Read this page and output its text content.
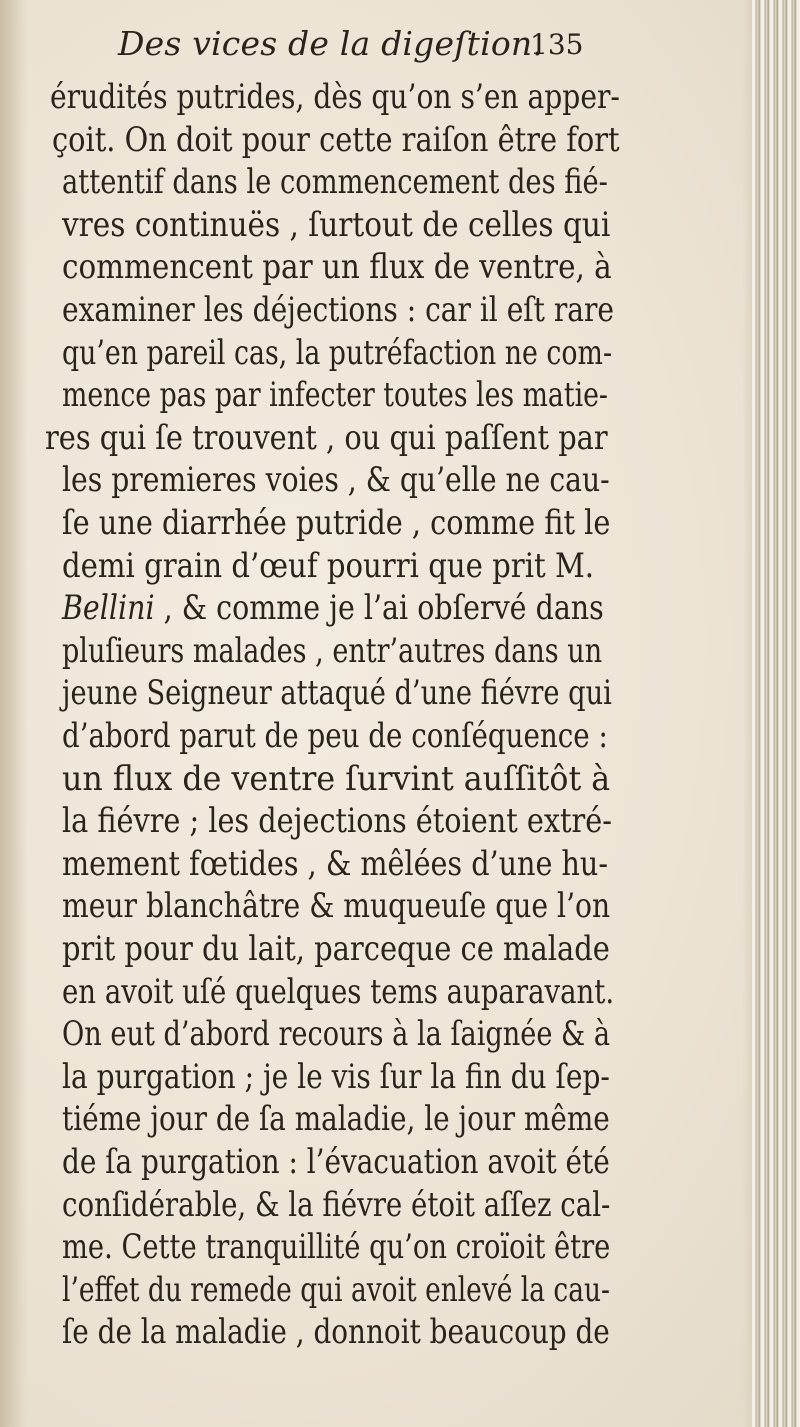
Des vices de la digeſtion.
135
érudités putrides, dès qu’on s’en apper-
çoit. On doit pour cette raiſon être fort
attentif dans le commencement des fié-
vres continuës , ſurtout de celles qui
commencent par un flux de ventre, à
examiner les déjections : car il eſt rare
qu’en pareil cas, la putréfaction ne com-
mence pas par infecter toutes les matie-
res qui ſe trouvent , ou qui paſſent par
les premieres voies , & qu’elle ne cau-
ſe une diarrhée putride , comme fit le
demi grain d’œuf pourri que prit M.
Bellini , & comme je l’ai obſervé dans
pluſieurs malades , entr’autres dans un
jeune Seigneur attaqué d’une fiévre qui
d’abord parut de peu de conſéquence :
un flux de ventre ſurvint auſſitôt à
la fiévre ; les dejections étoient extré-
mement fœtides , & mêlées d’une hu-
meur blanchâtre & muqueuſe que l’on
prit pour du lait, parceque ce malade
en avoit uſé quelques tems auparavant.
On eut d’abord recours à la ſaignée & à
la purgation ; je le vis ſur la fin du ſep-
tiéme jour de ſa maladie, le jour même
de ſa purgation : l’évacuation avoit été
conſidérable, & la fiévre étoit aſſez cal-
me. Cette tranquillité qu’on croïoit être
l’effet du remede qui avoit enlevé la cau-
ſe de la maladie , donnoit beaucoup de
